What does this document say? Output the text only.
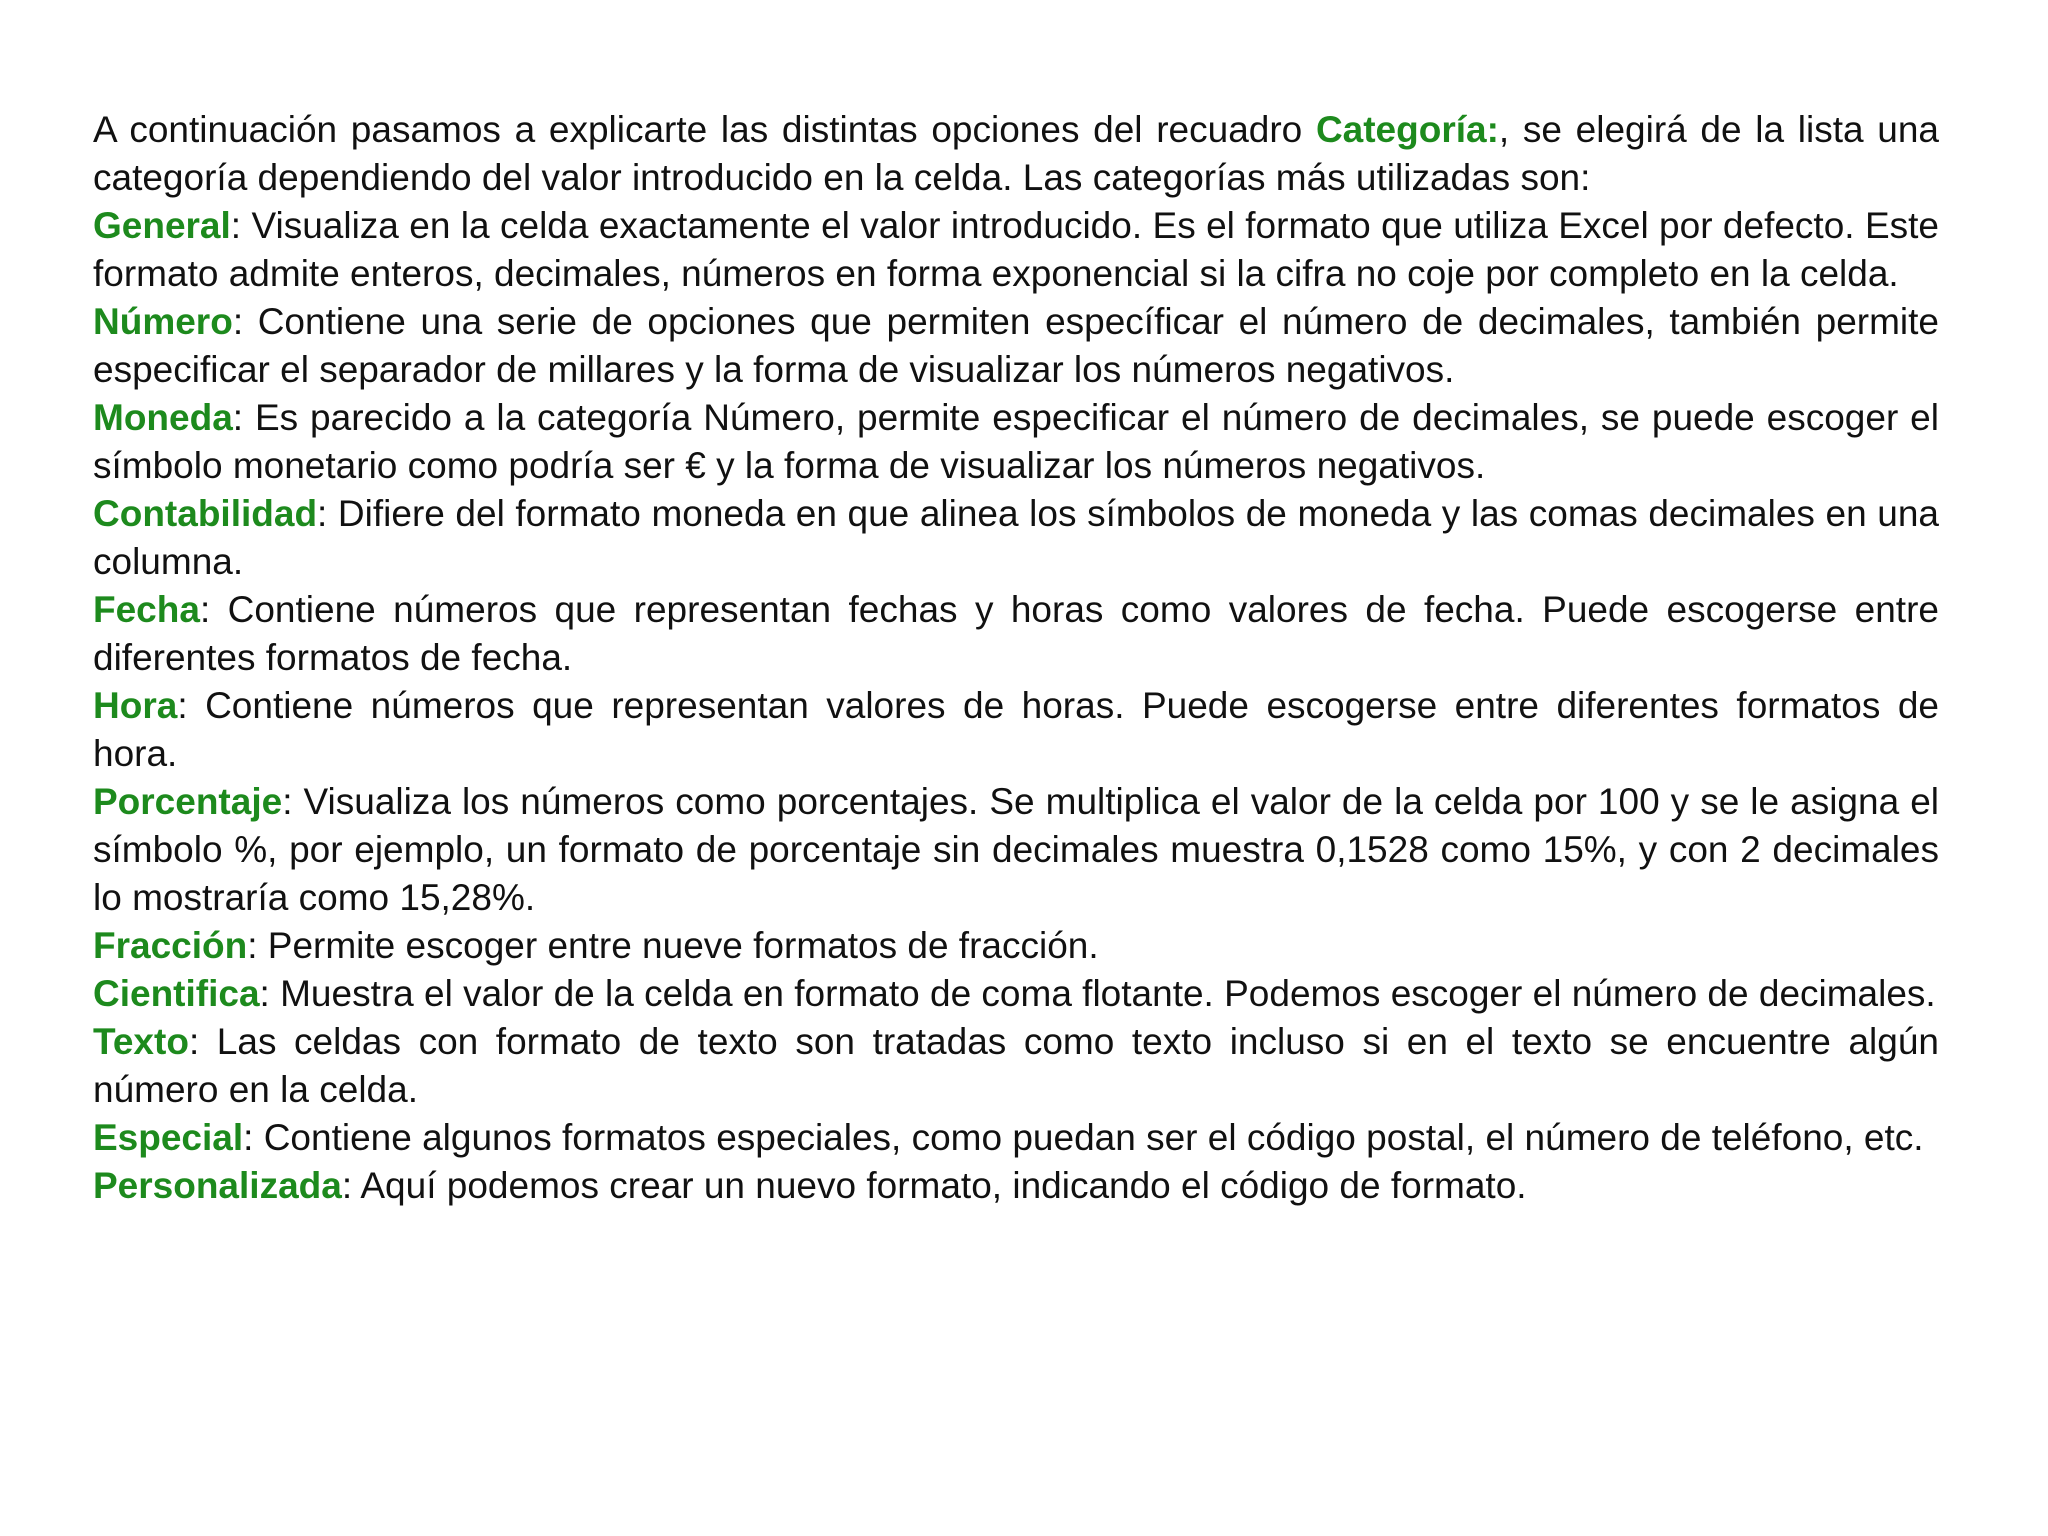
A continuación pasamos a explicarte las distintas opciones del recuadro Categoría:, se elegirá de la lista una categoría dependiendo del valor introducido en la celda. Las categorías más utilizadas son:

General: Visualiza en la celda exactamente el valor introducido. Es el formato que utiliza Excel por defecto. Este formato admite enteros, decimales, números en forma exponencial si la cifra no coje por completo en la celda.

Número: Contiene una serie de opciones que permiten específicar el número de decimales, también permite especificar el separador de millares y la forma de visualizar los números negativos.

Moneda: Es parecido a la categoría Número, permite especificar el número de decimales, se puede escoger el símbolo monetario como podría ser € y la forma de visualizar los números negativos.

Contabilidad: Difiere del formato moneda en que alinea los símbolos de moneda y las comas decimales en una columna.

Fecha: Contiene números que representan fechas y horas como valores de fecha. Puede escogerse entre diferentes formatos de fecha.

Hora: Contiene números que representan valores de horas. Puede escogerse entre diferentes formatos de hora.

Porcentaje: Visualiza los números como porcentajes. Se multiplica el valor de la celda por 100 y se le asigna el símbolo %, por ejemplo, un formato de porcentaje sin decimales muestra 0,1528 como 15%, y con 2 decimales lo mostraría como 15,28%.

Fracción: Permite escoger entre nueve formatos de fracción.

Cientifica: Muestra el valor de la celda en formato de coma flotante. Podemos escoger el número de decimales.

Texto: Las celdas con formato de texto son tratadas como texto incluso si en el texto se encuentre algún número en la celda.

Especial: Contiene algunos formatos especiales, como puedan ser el código postal, el número de teléfono, etc.

Personalizada: Aquí podemos crear un nuevo formato, indicando el código de formato.
